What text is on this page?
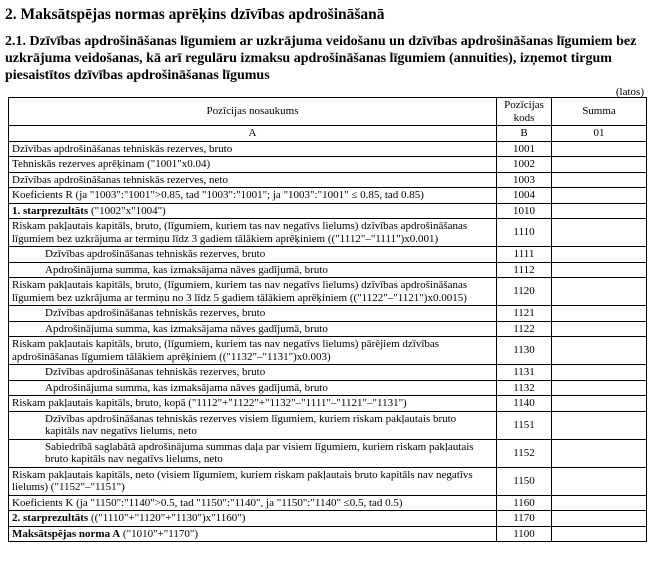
2. Maksātspējas normas aprēķins dzīvības apdrošināšanā
2.1. Dzīvības apdrošināšanas līgumiem ar uzkrājuma veidošanu un dzīvības apdrošināšanas līgumiem bez uzkrājuma veidošanas, kā arī regulāru izmaksu apdrošināšanas līgumiem (annuities), izņemot tirgum piesaistītos dzīvības apdrošināšanas līgumus
(latos)
Pozīcijas nosaukums	Pozīcijas kods	Summa
A	B	01
Dzīvības apdrošināšanas tehniskās rezerves, bruto	1001	
Tehniskās rezerves aprēķinam ("1001"x0.04)	1002	
Dzīvības apdrošināšanas tehniskās rezerves, neto	1003	
Koeficients R (ja "1003":"1001">0.85, tad "1003":"1001"; ja "1003":"1001" ≤ 0.85, tad 0.85)	1004	
1. starprezultāts ("1002"x"1004")	1010	
Riskam pakļautais kapitāls, bruto, (līgumiem, kuriem tas nav negatīvs lielums) dzīvības apdrošināšanas līgumiem bez uzkrājuma ar termiņu līdz 3 gadiem tālākiem aprēķiniem (("1112"–"1111")x0.001)	1110	
Dzīvības apdrošināšanas tehniskās rezerves, bruto	1111	
Apdrošinājuma summa, kas izmaksājama nāves gadījumā, bruto	1112	
Riskam pakļautais kapitāls, bruto, (līgumiem, kuriem tas nav negatīvs lielums) dzīvības apdrošināšanas līgumiem bez uzkrājuma ar termiņu no 3 līdz 5 gadiem tālākiem aprēķiniem (("1122"–"1121")x0.0015)	1120	
Dzīvības apdrošināšanas tehniskās rezerves, bruto	1121	
Apdrošinājuma summa, kas izmaksājama nāves gadījumā, bruto	1122	
Riskam pakļautais kapitāls, bruto, (līgumiem, kuriem tas nav negatīvs lielums) pārējiem dzīvības apdrošināšanas līgumiem tālākiem aprēķiniem (("1132"–"1131")x0.003)	1130	
Dzīvības apdrošināšanas tehniskās rezerves, bruto	1131	
Apdrošinājuma summa, kas izmaksājama nāves gadījumā, bruto	1132	
Riskam pakļautais kapitāls, bruto, kopā ("1112"+"1122"+"1132"–"1111"–"1121"–"1131")	1140	
Dzīvības apdrošināšanas tehniskās rezerves visiem līgumiem, kuriem riskam pakļautais bruto kapitāls nav negatīvs lielums, neto	1151	
Sabiedrībā saglabātā apdrošinājuma summas daļa par visiem līgumiem, kuriem riskam pakļautais bruto kapitāls nav negatīvs lielums, neto	1152	
Riskam pakļautais kapitāls, neto (visiem līgumiem, kuriem riskam pakļautais bruto kapitāls nav negatīvs lielums) ("1152"–"1151")	1150	
Koeficients K (ja "1150":"1140">0.5, tad "1150":"1140", ja "1150":"1140" ≤0.5, tad 0.5)	1160	
2. starprezultāts (("1110"+"1120"+"1130")x"1160")	1170	
Maksātspējas norma A ("1010"+"1170")	1100	
